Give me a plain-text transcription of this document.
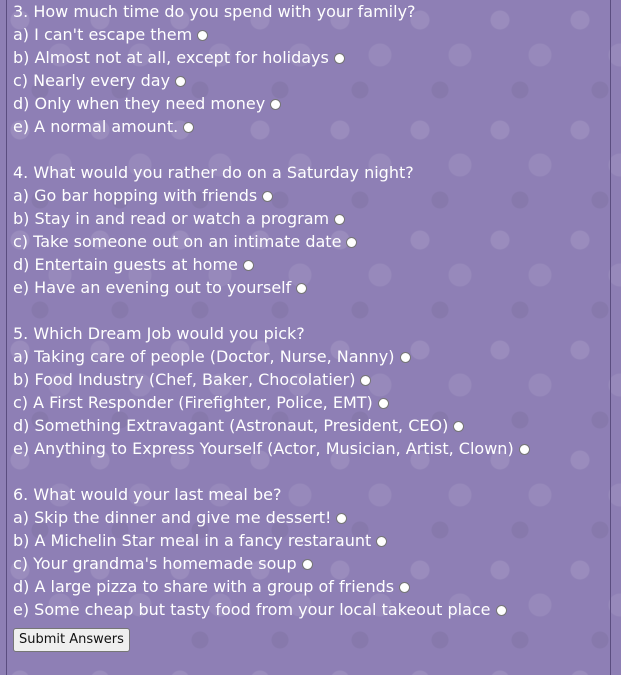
3. How much time do you spend with your family?
a) I can't escape them
b) Almost not at all, except for holidays
c) Nearly every day
d) Only when they need money
e) A normal amount.
4. What would you rather do on a Saturday night?
a) Go bar hopping with friends
b) Stay in and read or watch a program
c) Take someone out on an intimate date
d) Entertain guests at home
e) Have an evening out to yourself
5. Which Dream Job would you pick?
a) Taking care of people (Doctor, Nurse, Nanny)
b) Food Industry (Chef, Baker, Chocolatier)
c) A First Responder (Firefighter, Police, EMT)
d) Something Extravagant (Astronaut, President, CEO)
e) Anything to Express Yourself (Actor, Musician, Artist, Clown)
6. What would your last meal be?
a) Skip the dinner and give me dessert!
b) A Michelin Star meal in a fancy restaraunt
c) Your grandma's homemade soup
d) A large pizza to share with a group of friends
e) Some cheap but tasty food from your local takeout place
Submit Answers
